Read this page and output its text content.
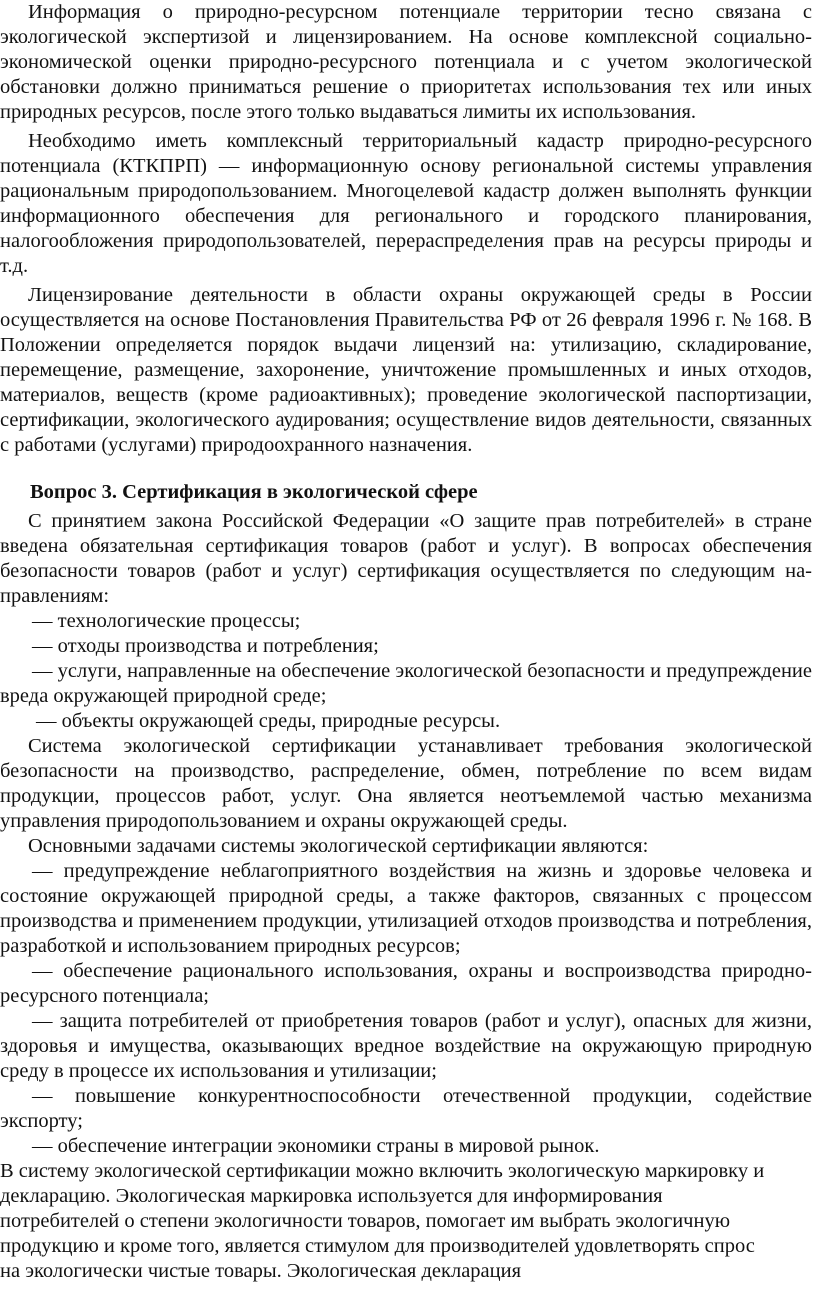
Информация о природно-ресурсном потенциале территории тесно связана с экологической экспертизой и лицензированием. На основе комплексной социально-экономической оценки природно-ресурсного потенциала и с учетом экологической обстановки должно приниматься решение о приоритетах использования тех или иных природных ресурсов, после этого только выдаваться лимиты их использования.

Необходимо иметь комплексный территориальный кадастр природно-ресурсного потенциала (КТКПРП) — информационную основу региональной системы управления рациональным природопользованием. Многоцелевой кадастр должен выполнять функции информационного обеспечения для регионального и городского планирования, налогообложения природопользователей, перераспределения прав на ресурсы природы и т.д.

Лицензирование деятельности в области охраны окружающей среды в России осуществляется на основе Постановления Правительства РФ от 26 февраля 1996 г. № 168. В Положении определяется порядок выдачи лицензий на: утилизацию, складирование, перемещение, размещение, захоронение, уничтожение промышленных и иных отходов, материалов, веществ (кроме радиоактивных); проведение экологической паспортизации, сертификации, экологического аудирования; осуществление видов деятельности, связанных с работами (услугами) природоохранного назначения.

Вопрос 3. Сертификация в экологической сфере

С принятием закона Российской Федерации «О защите прав потребителей» в стране введена обязательная сертификация товаров (работ и услуг). В вопросах обеспечения безопасности товаров (работ и услуг) сертификация осуществляется по следующим на-правлениям:

— технологические процессы;

— отходы производства и потребления;

— услуги, направленные на обеспечение экологической безопасности и предупреждение вреда окружающей природной среде;

— объекты окружающей среды, природные ресурсы.

Система экологической сертификации устанавливает требования экологической безопасности на производство, распределение, обмен, потребление по всем видам продукции, процессов работ, услуг. Она является неотъемлемой частью механизма управления природопользованием и охраны окружающей среды.

Основными задачами системы экологической сертификации являются:

— предупреждение неблагоприятного воздействия на жизнь и здоровье человека и состояние окружающей природной среды, а также факторов, связанных с процессом производства и применением продукции, утилизацией отходов производства и потребления, разработкой и использованием природных ресурсов;

— обеспечение рационального использования, охраны и воспроизводства природно-ресурсного потенциала;

— защита потребителей от приобретения товаров (работ и услуг), опасных для жизни, здоровья и имущества, оказывающих вредное воздействие на окружающую природную среду в процессе их использования и утилизации;

— повышение конкурентноспособности отечественной продукции, содействие экспорту;

— обеспечение интеграции экономики страны в мировой рынок.

В систему экологической сертификации можно включить экологическую маркировку и

декларацию. Экологическая маркировка используется для информирования

потребителей о степени экологичности товаров, помогает им выбрать экологичную

продукцию и кроме того, является стимулом для производителей удовлетворять спрос

на экологически чистые товары. Экологическая декларация
